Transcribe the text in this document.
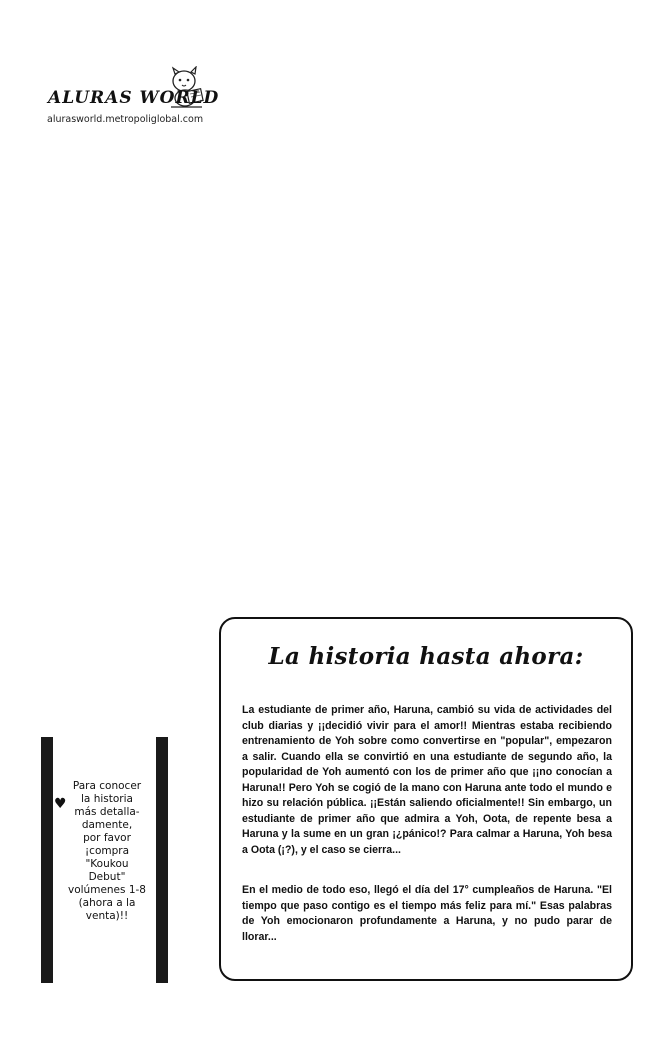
ALURAS WORLD
alurasworld.metropoliglobal.com
♥
Para conocer
la historia
más detalla-
damente,
por favor
¡compra
"Koukou
Debut"
volúmenes 1-8
(ahora a la
venta)!!
La historia hasta ahora:
La estudiante de primer año, Haruna, cambió su vida de actividades del club diarias y ¡¡decidió vivir para el amor!! Mientras estaba recibiendo entrenamiento de Yoh sobre como convertirse en "popular", empezaron a salir. Cuando ella se convirtió en una estudiante de segundo año, la popularidad de Yoh aumentó con los de primer año que ¡¡no conocían a Haruna!! Pero Yoh se cogió de la mano con Haruna ante todo el mundo e hizo su relación pública. ¡¡Están saliendo oficialmente!! Sin embargo, un estudiante de primer año que admira a Yoh, Oota, de repente besa a Haruna y la sume en un gran ¡¿pánico!? Para calmar a Haruna, Yoh besa a Oota (¡?), y el caso se cierra...
En el medio de todo eso, llegó el día del 17° cumpleaños de Haruna. "El tiempo que paso contigo es el tiempo más feliz para mí." Esas palabras de Yoh emocionaron profundamente a Haruna, y no pudo parar de llorar...
